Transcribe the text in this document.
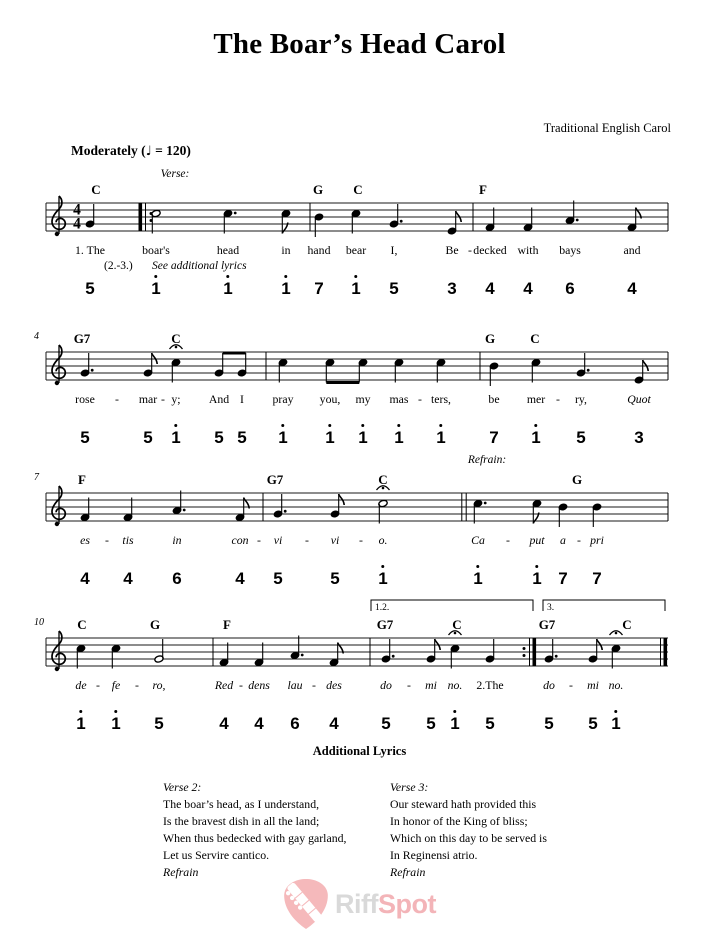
The Boar’s Head Carol
Traditional English Carol
Moderately (♩ = 120)
4
4
C	G C	F
Verse:
(2.-3.) See additional lyrics
1. The
5
boar's
1
head
1
in
1
hand
7
bear
1
I,
5
Be
3
- decked
4
with
4
bays
6
and
4
4	G7	C	G	C
rose
5
- mar
5
- y;
1
And
5
I
5
pray
1
you,
1
my
1
mas
1
- ters,
1
be
7
mer
1
- ry,
5
Quot
3
7	F	G7	C	G
Refrain:
es
4
- tis
4
in
6
con
4
- vi
5
- vi
5
- o.
1
Ca
1
- put
1
a
7
- pri
7
1.2.	3.
10	C	G	F	G7	C	G7	C
de
1
- fe
1
- ro,
5
Red
4
- dens
4
lau
6
- des
4
do
5
- mi
5
no.
1
2.The
5
do
5
- mi
5
no.
1
Additional Lyrics
Verse 2:
The boar’s head, as I understand,
Is the bravest dish in all the land;
When thus bedecked with gay garland,
Let us Servire cantico.
Refrain
Verse 3:
Our steward hath provided this
In honor of the King of bliss;
Which on this day to be served is
In Reginensi atrio.
Refrain
RiffSpot
